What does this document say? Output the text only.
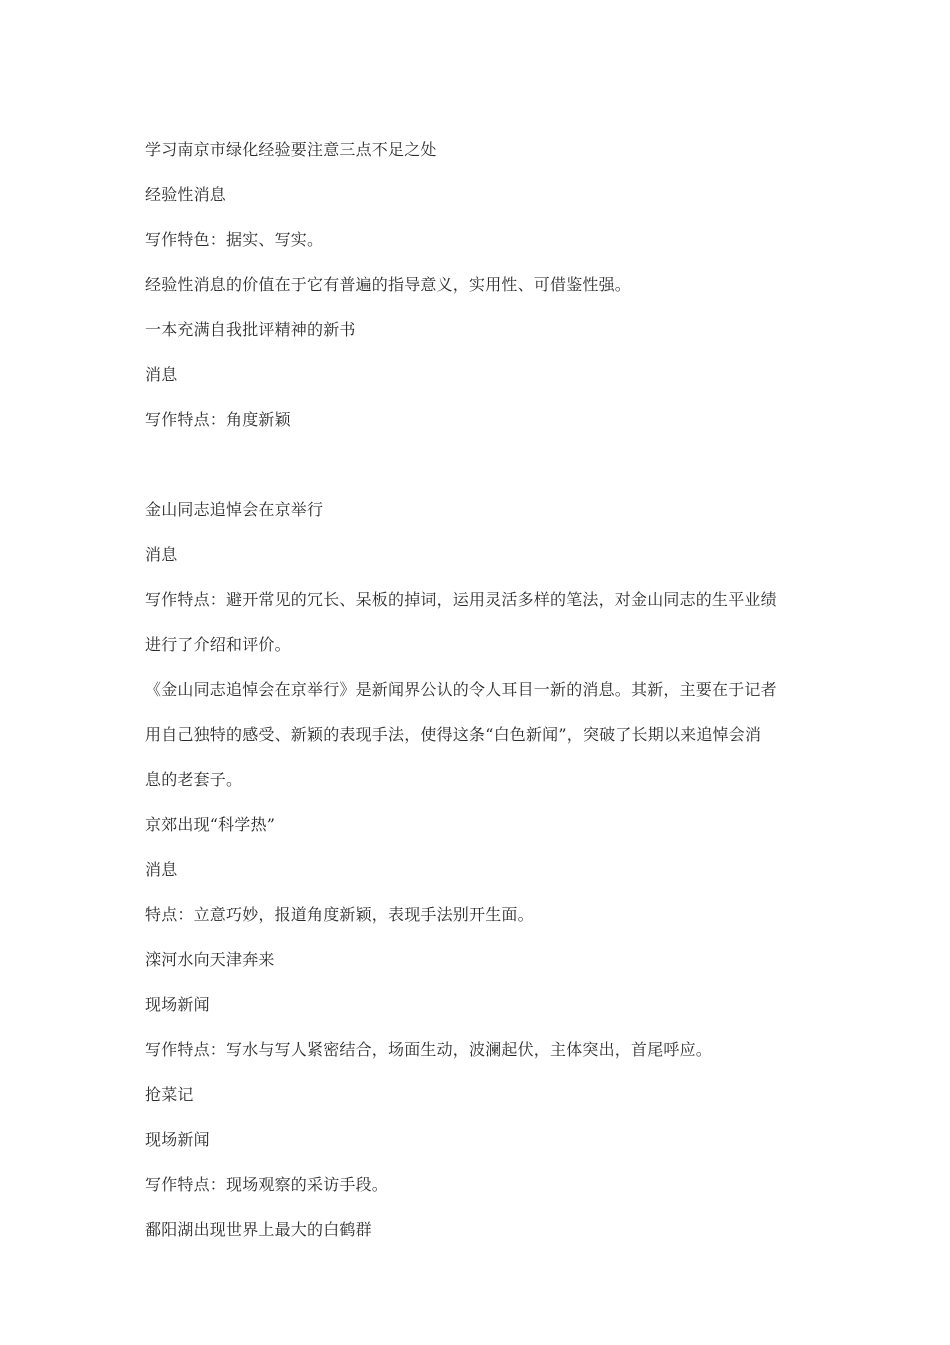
学习南京市绿化经验要注意三点不足之处

经验性消息

写作特色：据实、写实。

经验性消息的价值在于它有普遍的指导意义，实用性、可借鉴性强。

一本充满自我批评精神的新书

消息

写作特点：角度新颖

金山同志追悼会在京举行

消息

写作特点：避开常见的冗长、呆板的掉词，运用灵活多样的笔法，对金山同志的生平业绩

进行了介绍和评价。

《金山同志追悼会在京举行》是新闻界公认的令人耳目一新的消息。其新，主要在于记者

用自己独特的感受、新颖的表现手法，使得这条“白色新闻”，突破了长期以来追悼会消

息的老套子。

京郊出现“科学热”

消息

特点：立意巧妙，报道角度新颖，表现手法别开生面。

滦河水向天津奔来

现场新闻

写作特点：写水与写人紧密结合，场面生动，波澜起伏，主体突出，首尾呼应。

抢菜记

现场新闻

写作特点：现场观察的采访手段。

鄱阳湖出现世界上最大的白鹤群
